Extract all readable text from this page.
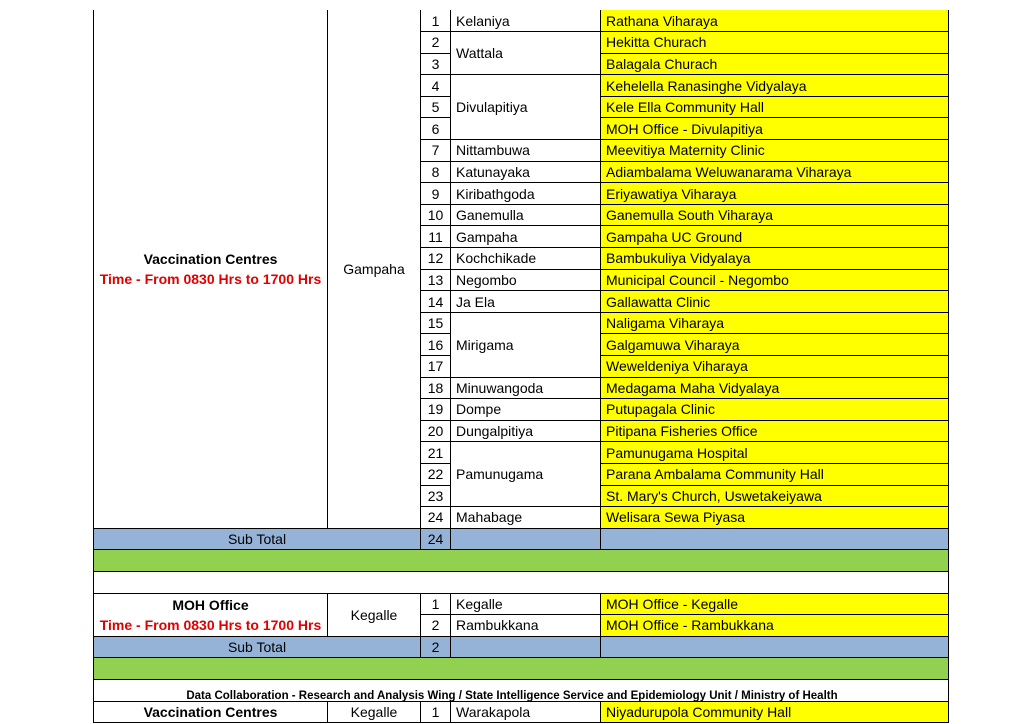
Vaccination Centres
Time - From 0830 Hrs to 1700 Hrs	Gampaha	1	Kelaniya	Rathana Viharaya
		2	Wattala	Hekitta Churach
		3		Balagala Churach
		4	Divulapitiya	Kehelella Ranasinghe Vidyalaya
		5		Kele Ella Community Hall
		6		MOH Office - Divulapitiya
		7	Nittambuwa	Meevitiya Maternity Clinic
		8	Katunayaka	Adiambalama Weluwanarama Viharaya
		9	Kiribathgoda	Eriyawatiya Viharaya
		10	Ganemulla	Ganemulla South Viharaya
		11	Gampaha	Gampaha UC Ground
		12	Kochchikade	Bambukuliya Vidyalaya
		13	Negombo	Municipal Council - Negombo
		14	Ja Ela	Gallawatta Clinic
		15	Mirigama	Naligama Viharaya
		16		Galgamuwa Viharaya
		17		Weweldeniya Viharaya
		18	Minuwangoda	Medagama Maha Vidyalaya
		19	Dompe	Putupagala Clinic
		20	Dungalpitiya	Pitipana Fisheries Office
		21	Pamunugama	Pamunugama Hospital
		22		Parana Ambalama Community Hall
		23		St. Mary's Church, Uswetakeiyawa
		24	Mahabage	Welisara Sewa Piyasa
Sub Total		24		

MOH Office
Time - From 0830 Hrs to 1700 Hrs	Kegalle	1	Kegalle	MOH Office - Kegalle
		2	Rambukkana	MOH Office - Rambukkana
Sub Total		2		

Vaccination Centres	Kegalle	1	Warakapola	Niyadurupola Community Hall
Data Collaboration - Research and Analysis Wing / State Intelligence Service and Epidemiology Unit / Ministry of Health
